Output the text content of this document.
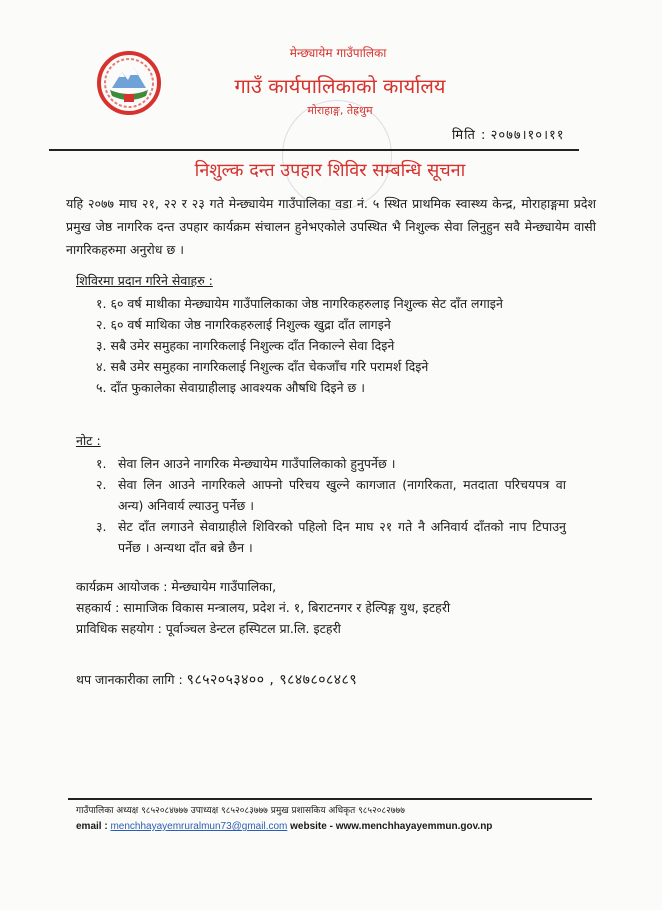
मेन्छ्यायेम गाउँपालिका
गाउँ कार्यपालिकाको कार्यालय
मोराहाङ्ग, तेह्रथुम
मिति : २०७७।१०।११
निशुल्क दन्त उपहार शिविर सम्बन्धि सूचना
यहि २०७७ माघ २१, २२ र २३ गते मेन्छ्यायेम गाउँपालिका वडा नं. ५ स्थित प्राथमिक स्वास्थ्य केन्द्र, मोराहाङ्गमा प्रदेश प्रमुख जेष्ठ नागरिक दन्त उपहार कार्यक्रम संचालन हुनेभएकोले उपस्थित भै निशुल्क सेवा लिनुहुन सवै मेन्छ्यायेम वासी नागरिकहरुमा अनुरोध छ ।
शिविरमा प्रदान गरिने सेवाहरु :
१. ६० वर्ष माथीका मेन्छ्यायेम गाउँपालिकाका जेष्ठ नागरिकहरुलाइ निशुल्क सेट दाँत लगाइने
२. ६० वर्ष माथिका जेष्ठ नागरिकहरुलाई निशुल्क खुद्रा दाँत लागइने
३. सबै उमेर समुहका नागरिकलाई निशुल्क दाँत निकाल्ने सेवा दिइने
४. सबै उमेर समुहका नागरिकलाई निशुल्क दाँत चेकजाँच गरि परामर्श दिइने
५. दाँत फुकालेका सेवाग्राहीलाइ आवश्यक औषधि दिइने छ ।
नोट :
१. सेवा लिन आउने नागरिक मेन्छ्यायेम गाउँपालिकाको हुनुपर्नेछ ।
२. सेवा लिन आउने नागरिकले आफ्नो परिचय खुल्ने कागजात (नागरिकता, मतदाता परिचयपत्र वा अन्य) अनिवार्य ल्याउनु पर्नेछ ।
३. सेट दाँत लगाउने सेवाग्राहीले शिविरको पहिलो दिन माघ २१ गते नै अनिवार्य दाँतको नाप टिपाउनु पर्नेछ । अन्यथा दाँत बन्ने छैन ।
कार्यक्रम आयोजक : मेन्छ्यायेम गाउँपालिका,
सहकार्य : सामाजिक विकास मन्त्रालय, प्रदेश नं. १, बिराटनगर र हेल्पिङ्ग युथ, इटहरी
प्राविधिक सहयोग : पूर्वाञ्चल डेन्टल हस्पिटल प्रा.लि. इटहरी
थप जानकारीका लागि : ९८५२०५३४०० , ९८४७८०८४८९
गाउँपालिका अध्यक्ष ९८५२०८४७७७ उपाध्यक्ष ९८५२०८३७७७ प्रमुख प्रशासकिय अधिकृत ९८५२०८२७७७
email : menchhayayemruralmun73@gmail.com website - www.menchhayayemmun.gov.np
